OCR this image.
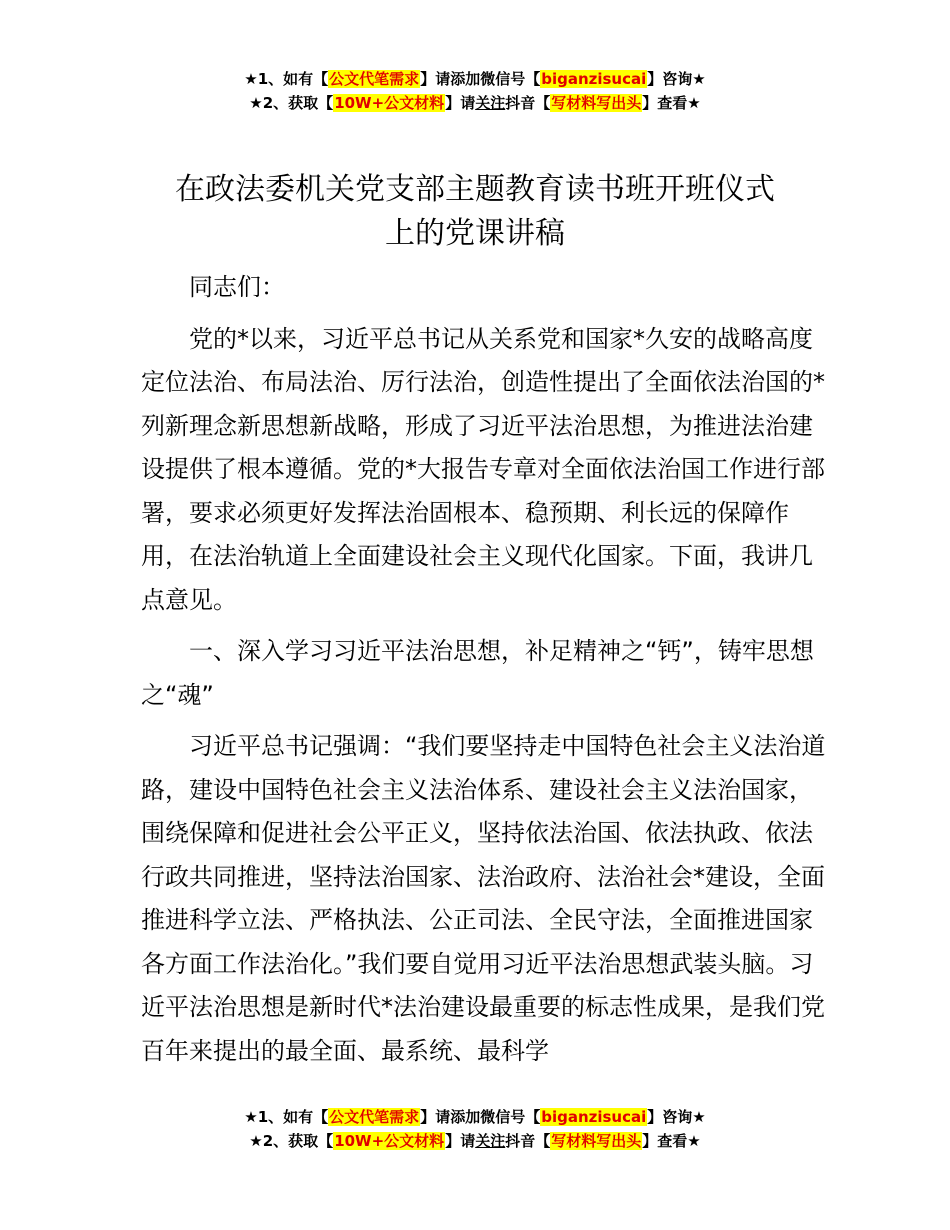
★1、如有【公文代笔需求】请添加微信号【biganzisucai】咨询★
★2、获取【10W+公文材料】请关注抖音【写材料写出头】查看★
在政法委机关党支部主题教育读书班开班仪式
上的党课讲稿

同志们：

党的*以来，习近平总书记从关系党和国家*久安的战略高度定位法治、布局法治、厉行法治，创造性提出了全面依法治国的*列新理念新思想新战略，形成了习近平法治思想，为推进法治建设提供了根本遵循。党的*大报告专章对全面依法治国工作进行部署，要求必须更好发挥法治固根本、稳预期、利长远的保障作用，在法治轨道上全面建设社会主义现代化国家。下面，我讲几点意见。

一、深入学习习近平法治思想，补足精神之“钙”，铸牢思想之“魂”

习近平总书记强调：“我们要坚持走中国特色社会主义法治道路，建设中国特色社会主义法治体系、建设社会主义法治国家，围绕保障和促进社会公平正义，坚持依法治国、依法执政、依法行政共同推进，坚持法治国家、法治政府、法治社会*建设，全面推进科学立法、严格执法、公正司法、全民守法，全面推进国家各方面工作法治化。”我们要自觉用习近平法治思想武装头脑。习近平法治思想是新时代*法治建设最重要的标志性成果，是我们党百年来提出的最全面、最系统、最科学

★1、如有【公文代笔需求】请添加微信号【biganzisucai】咨询★
★2、获取【10W+公文材料】请关注抖音【写材料写出头】查看★
